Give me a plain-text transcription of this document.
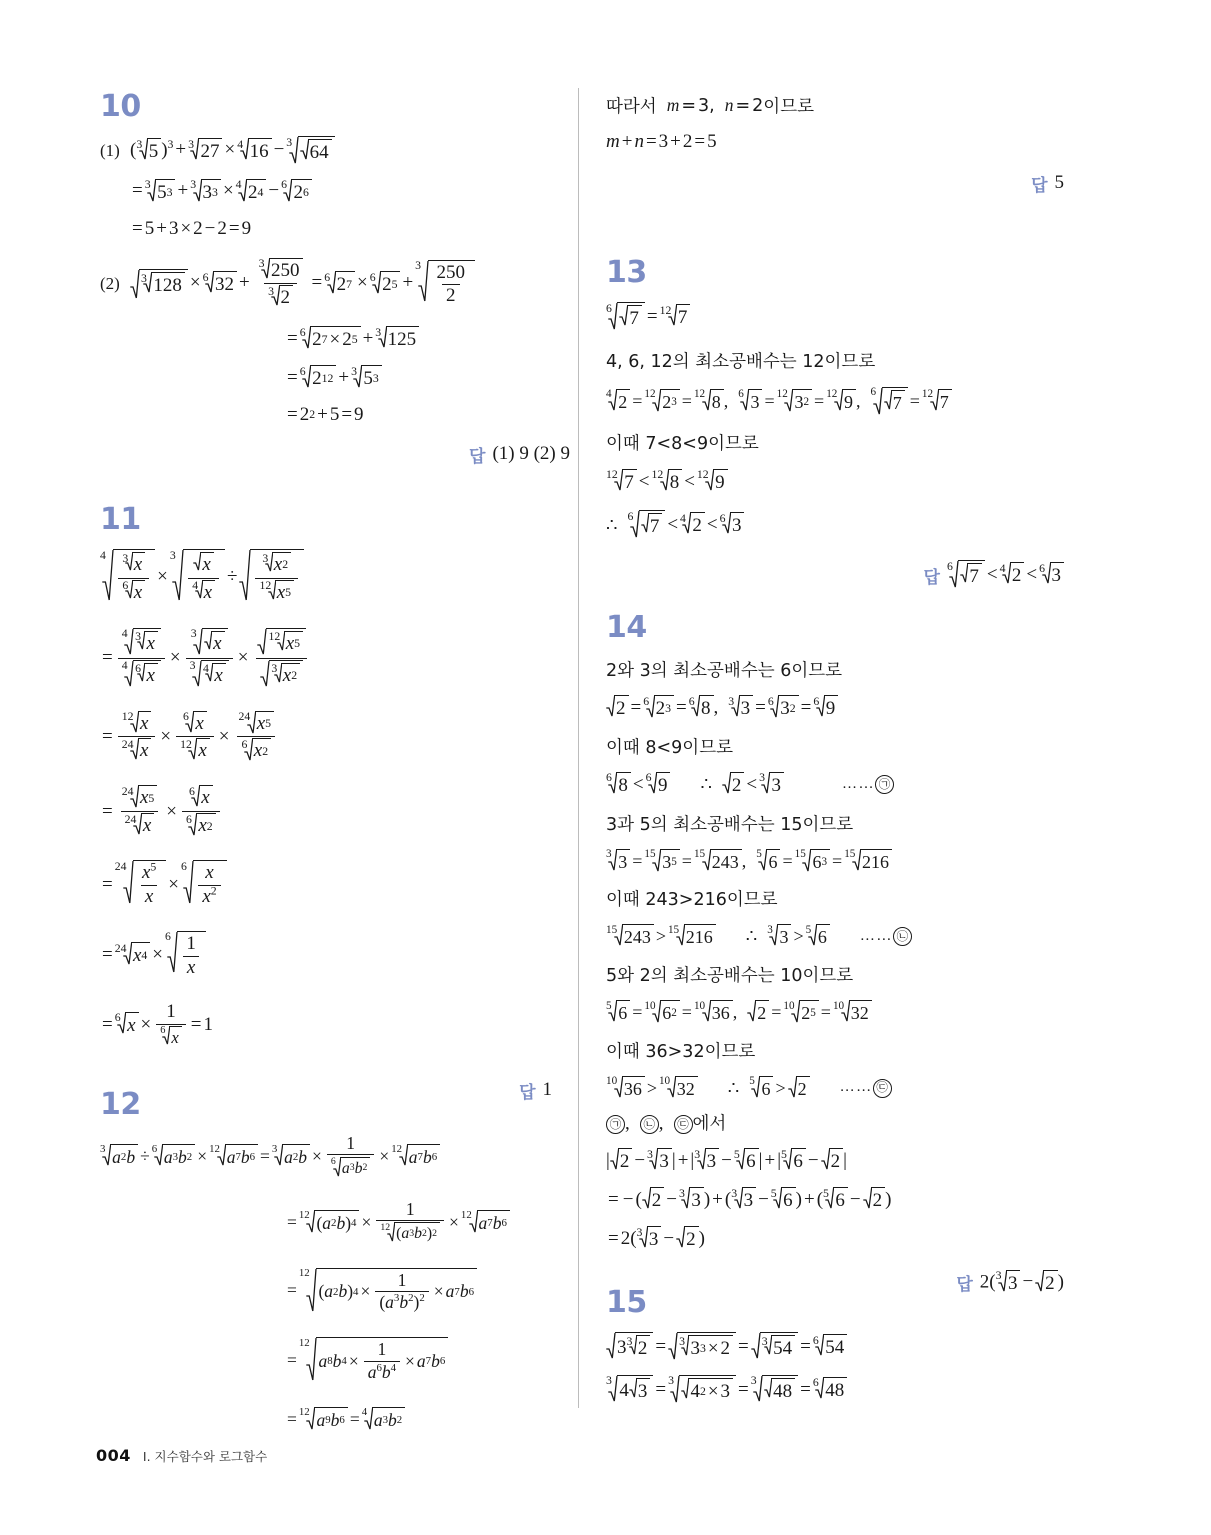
10
(1) ( 3 5 )$^3$ + 3 27 × 4 16 − 3 64
= 3 5 3 + 3 3 3 × 4 2 4 − 6 2 6
= 5 + 3 × 2 − 2 = 9
(2)	3 128 × 6 $32 + \frac{3 250}{3 2} = 6$ 2 7 × 6 2 5 +
$3 \frac{250}{2}$
= 6 2 7 × 2 5 + 3 125
= 6 2 12 + 3 5 3
= 2 2 + 5 = 9
답 (1) 9 (2) 9
11
$4 \frac{3 x}{6 x}$ ×
$3 \frac{x}{4 x} \div \frac{3 x 2}{12 x 5}$
= $\frac{4 3 x}{4 6 x} \times \frac{3 x}{3 4 x} \times \frac{12 x 5}{3 x 2}$
= $\frac{12 x}{24 x} \times \frac{6 x}{12 x} \times \frac{24 x 5}{6 x 2}$
= $\frac{24 x 5}{24 x} \times \frac{6 x}{6 x 2}$
=
$24 \frac{x^5}{x}$ ×
$6 \frac{x}{x^2}$
= 24 x 4 ×
$6 \frac{1}{x}$
= 6 $x \times \frac{1}{6 x} = 1$
답 1
12
3 a 2 b ÷ 6 a 3 b 2 × 12 a 7 b 6 = 3 a 2 $b \times \frac{1}{6 a 3 b 2} \times 12$ a 7 b 6
= 12 ( a 2 b ) $4 \times \frac{1}{12 ( a 3 b 2 ) 2} \times 12$ a 7 b 6
=
12
( a 2 b ) $4 \times \frac{1}{(a^3b^2)^2} \times a$ 7 b 6
=
12
a 8 b $4 \times \frac{1}{a^6b^4} \times a$ 7 b 6
= 12 a 9 b 6 = 4 a 3 b 2
따라서 m = 3, n = 2 이므로
m + n = 3 + 2 = 5
답 5
13
6 7 = 12 7
4, 6, 12의 최소공배수는 12이므로
4 2 = 12 2 3 = 12 8 , 6 3 = 12 3 2 = 12 9 , 6
7 = 12 7
이때 7<8<9이므로
12 7 < 12 8 < 12 9
∴ 6 7 < 4 2 < 6 3
답
6 7 < 4 2 < 6 3
14
2와 3의 최소공배수는 6이므로
2 = 6 2 3 = 6 8 , 3 3 = 6 3 2 = 6 9
이때 8<9이므로
6 8 < 6 9 ∴ 2 < 3 3	…… ㉠
3과 5의 최소공배수는 15이므로
3 3 = 15 3 5 = 15 243 , 5 6 = 15 6 3 = 15 216
이때 243>216이므로
15 243 > 15 216 ∴ 3 3 > 5 6 …… ㉡
5와 2의 최소공배수는 10이므로
5 6 = 10 6 2 = 10 36 , 2 = 10 2 5 = 10 32
이때 36>32이므로
10 36 > 10 32 ∴ 5 6 > 2 …… ㉢
㉠ ,	㉡ ,	㉢ 에서
| 2 − 3 3 | + | 3 3 − 5 6 | + | 5 6 − 2 |
= − ( 2 − 3 3 ) + ( 3 3 − 5 6 ) + ( 5 6 − 2 )
= 2( 3 3 − 2 )
답 2( 3 3 − 2 )
15
3 3 2 = 3 3 3 × 2 = 3 54 = 6 54
3 4 3 = 3 4 2 × 3 = 3 48 = 6 48
004 I. 지수함수와 로그함수
